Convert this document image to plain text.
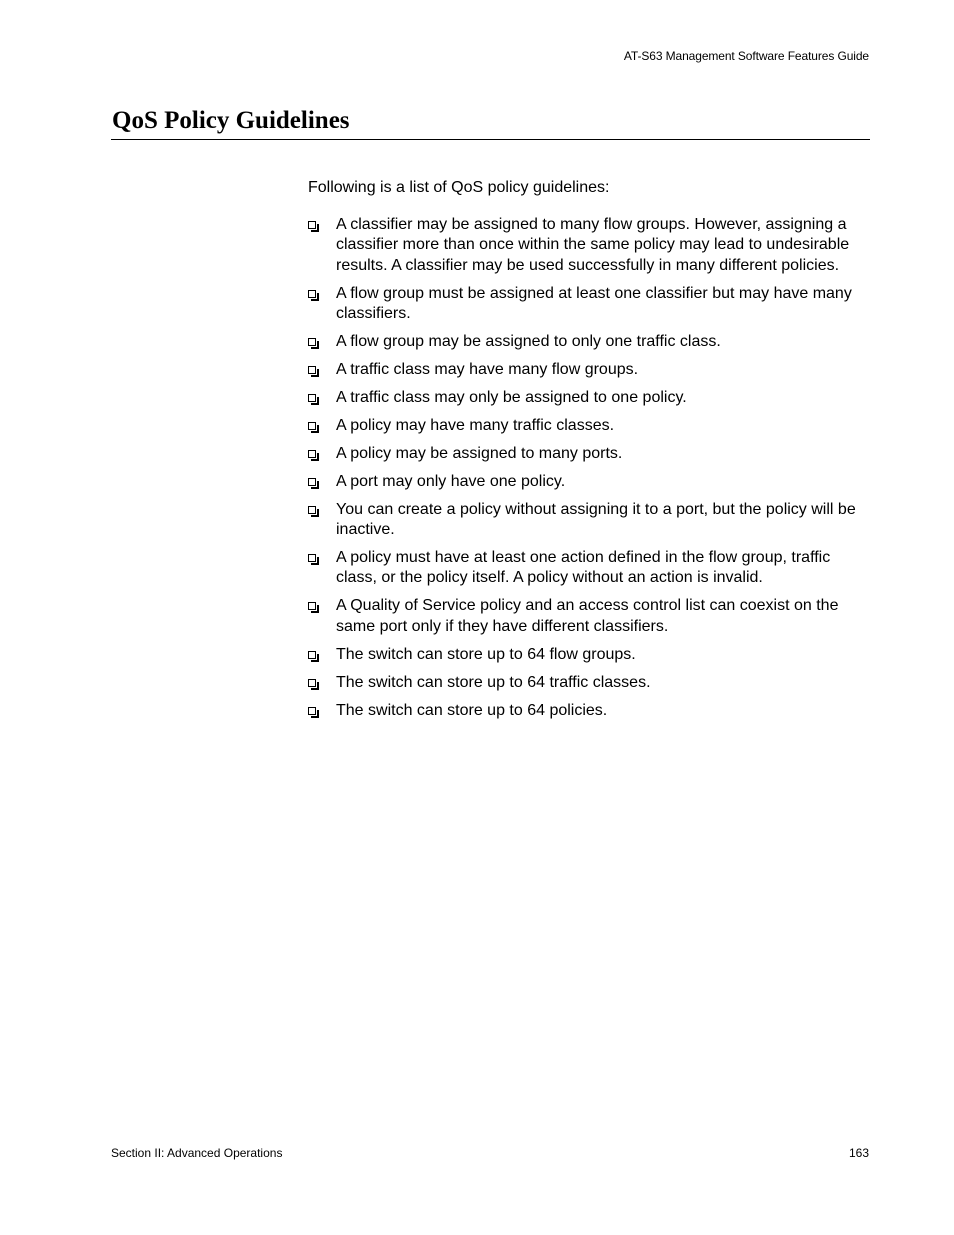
AT-S63 Management Software Features Guide
QoS Policy Guidelines

Following is a list of QoS policy guidelines:

A classifier may be assigned to many flow groups. However, assigning a classifier more than once within the same policy may lead to undesirable results. A classifier may be used successfully in many different policies.
A flow group must be assigned at least one classifier but may have many classifiers.
A flow group may be assigned to only one traffic class.
A traffic class may have many flow groups.
A traffic class may only be assigned to one policy.
A policy may have many traffic classes.
A policy may be assigned to many ports.
A port may only have one policy.
You can create a policy without assigning it to a port, but the policy will be inactive.
A policy must have at least one action defined in the flow group, traffic class, or the policy itself. A policy without an action is invalid.
A Quality of Service policy and an access control list can coexist on the same port only if they have different classifiers.
The switch can store up to 64 flow groups.
The switch can store up to 64 traffic classes.
The switch can store up to 64 policies.
Section II: Advanced Operations	163
